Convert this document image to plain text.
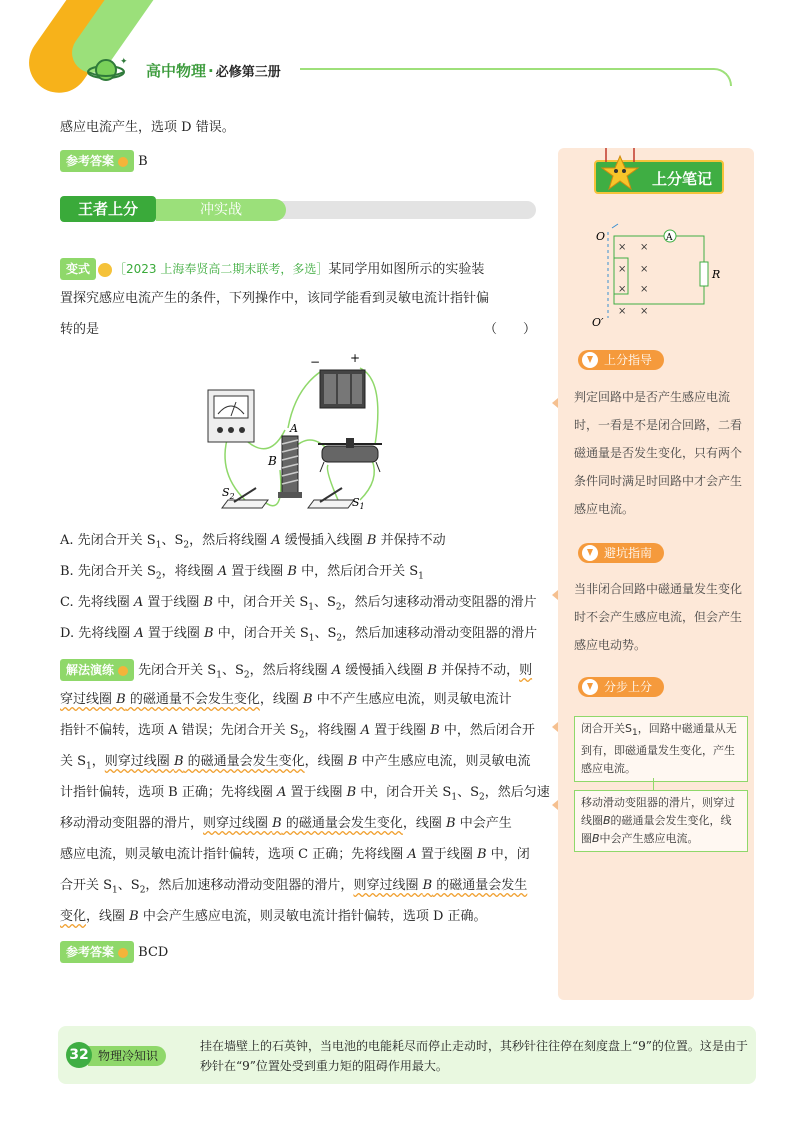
✦ 高中物理 · 必修第三册
感应电流产生，选项 D 错误。
参考答案 B
冲实战
王者上分
变式 ［2023 上海奉贤高二期末联考，多选］某同学用如图所示的实验装
置探究感应电流产生的条件，下列操作中，该同学能看到灵敏电流计指针偏
转的是	（　　）
− +
A
B
$S_2$	$S_1$
A. 先闭合开关 $S_1$、$S_2$，然后将线圈 A 缓慢插入线圈 B 并保持不动
B. 先闭合开关 $S_2$，将线圈 A 置于线圈 B 中，然后闭合开关 $S_1$
C. 先将线圈 A 置于线圈 B 中，闭合开关 $S_1$、$S_2$，然后匀速移动滑动变阻器的滑片
D. 先将线圈 A 置于线圈 B 中，闭合开关 $S_1$、$S_2$，然后加速移动滑动变阻器的滑片
解法演练 先闭合开关 $S_1$、$S_2$，然后将线圈 A 缓慢插入线圈 B 并保持不动，则
穿过线圈 B 的磁通量不会发生变化，线圈 B 中不产生感应电流，则灵敏电流计
指针不偏转，选项 A 错误；先闭合开关 $S_2$，将线圈 A 置于线圈 B 中，然后闭合开
关 $S_1$，则穿过线圈 B 的磁通量会发生变化，线圈 B 中产生感应电流，则灵敏电流
计指针偏转，选项 B 正确；先将线圈 A 置于线圈 B 中，闭合开关 $S_1$、$S_2$，然后匀速
移动滑动变阻器的滑片，则穿过线圈 B 的磁通量会发生变化，线圈 B 中会产生
感应电流，则灵敏电流计指针偏转，选项 C 正确；先将线圈 A 置于线圈 B 中，闭
合开关 $S_1$、$S_2$，然后加速移动滑动变阻器的滑片，则穿过线圈 B 的磁通量会发生
变化，线圈 B 中会产生感应电流，则灵敏电流计指针偏转，选项 D 正确。
参考答案 BCD
上分笔记
O
O′
A
R
× ×
× ×
× ×
× ×
上分指导
判定回路中是否产生感应电流时，一看是不是闭合回路，二看磁通量是否发生变化，只有两个条件同时满足时回路中才会产生感应电流。
避坑指南
当非闭合回路中磁通量发生变化时不会产生感应电流，但会产生感应电动势。
分步上分
闭合开关$S_1$，回路中磁通量从无到有，即磁通量发生变化，产生感应电流。
移动滑动变阻器的滑片，则穿过线圈B的磁通量会发生变化，线圈B中会产生感应电流。
物理冷知识
32
挂在墙壁上的石英钟，当电池的电能耗尽而停止走动时，其秒针往往停在刻度盘上“9”的位置。这是由于秒针在“9”位置处受到重力矩的阻碍作用最大。
